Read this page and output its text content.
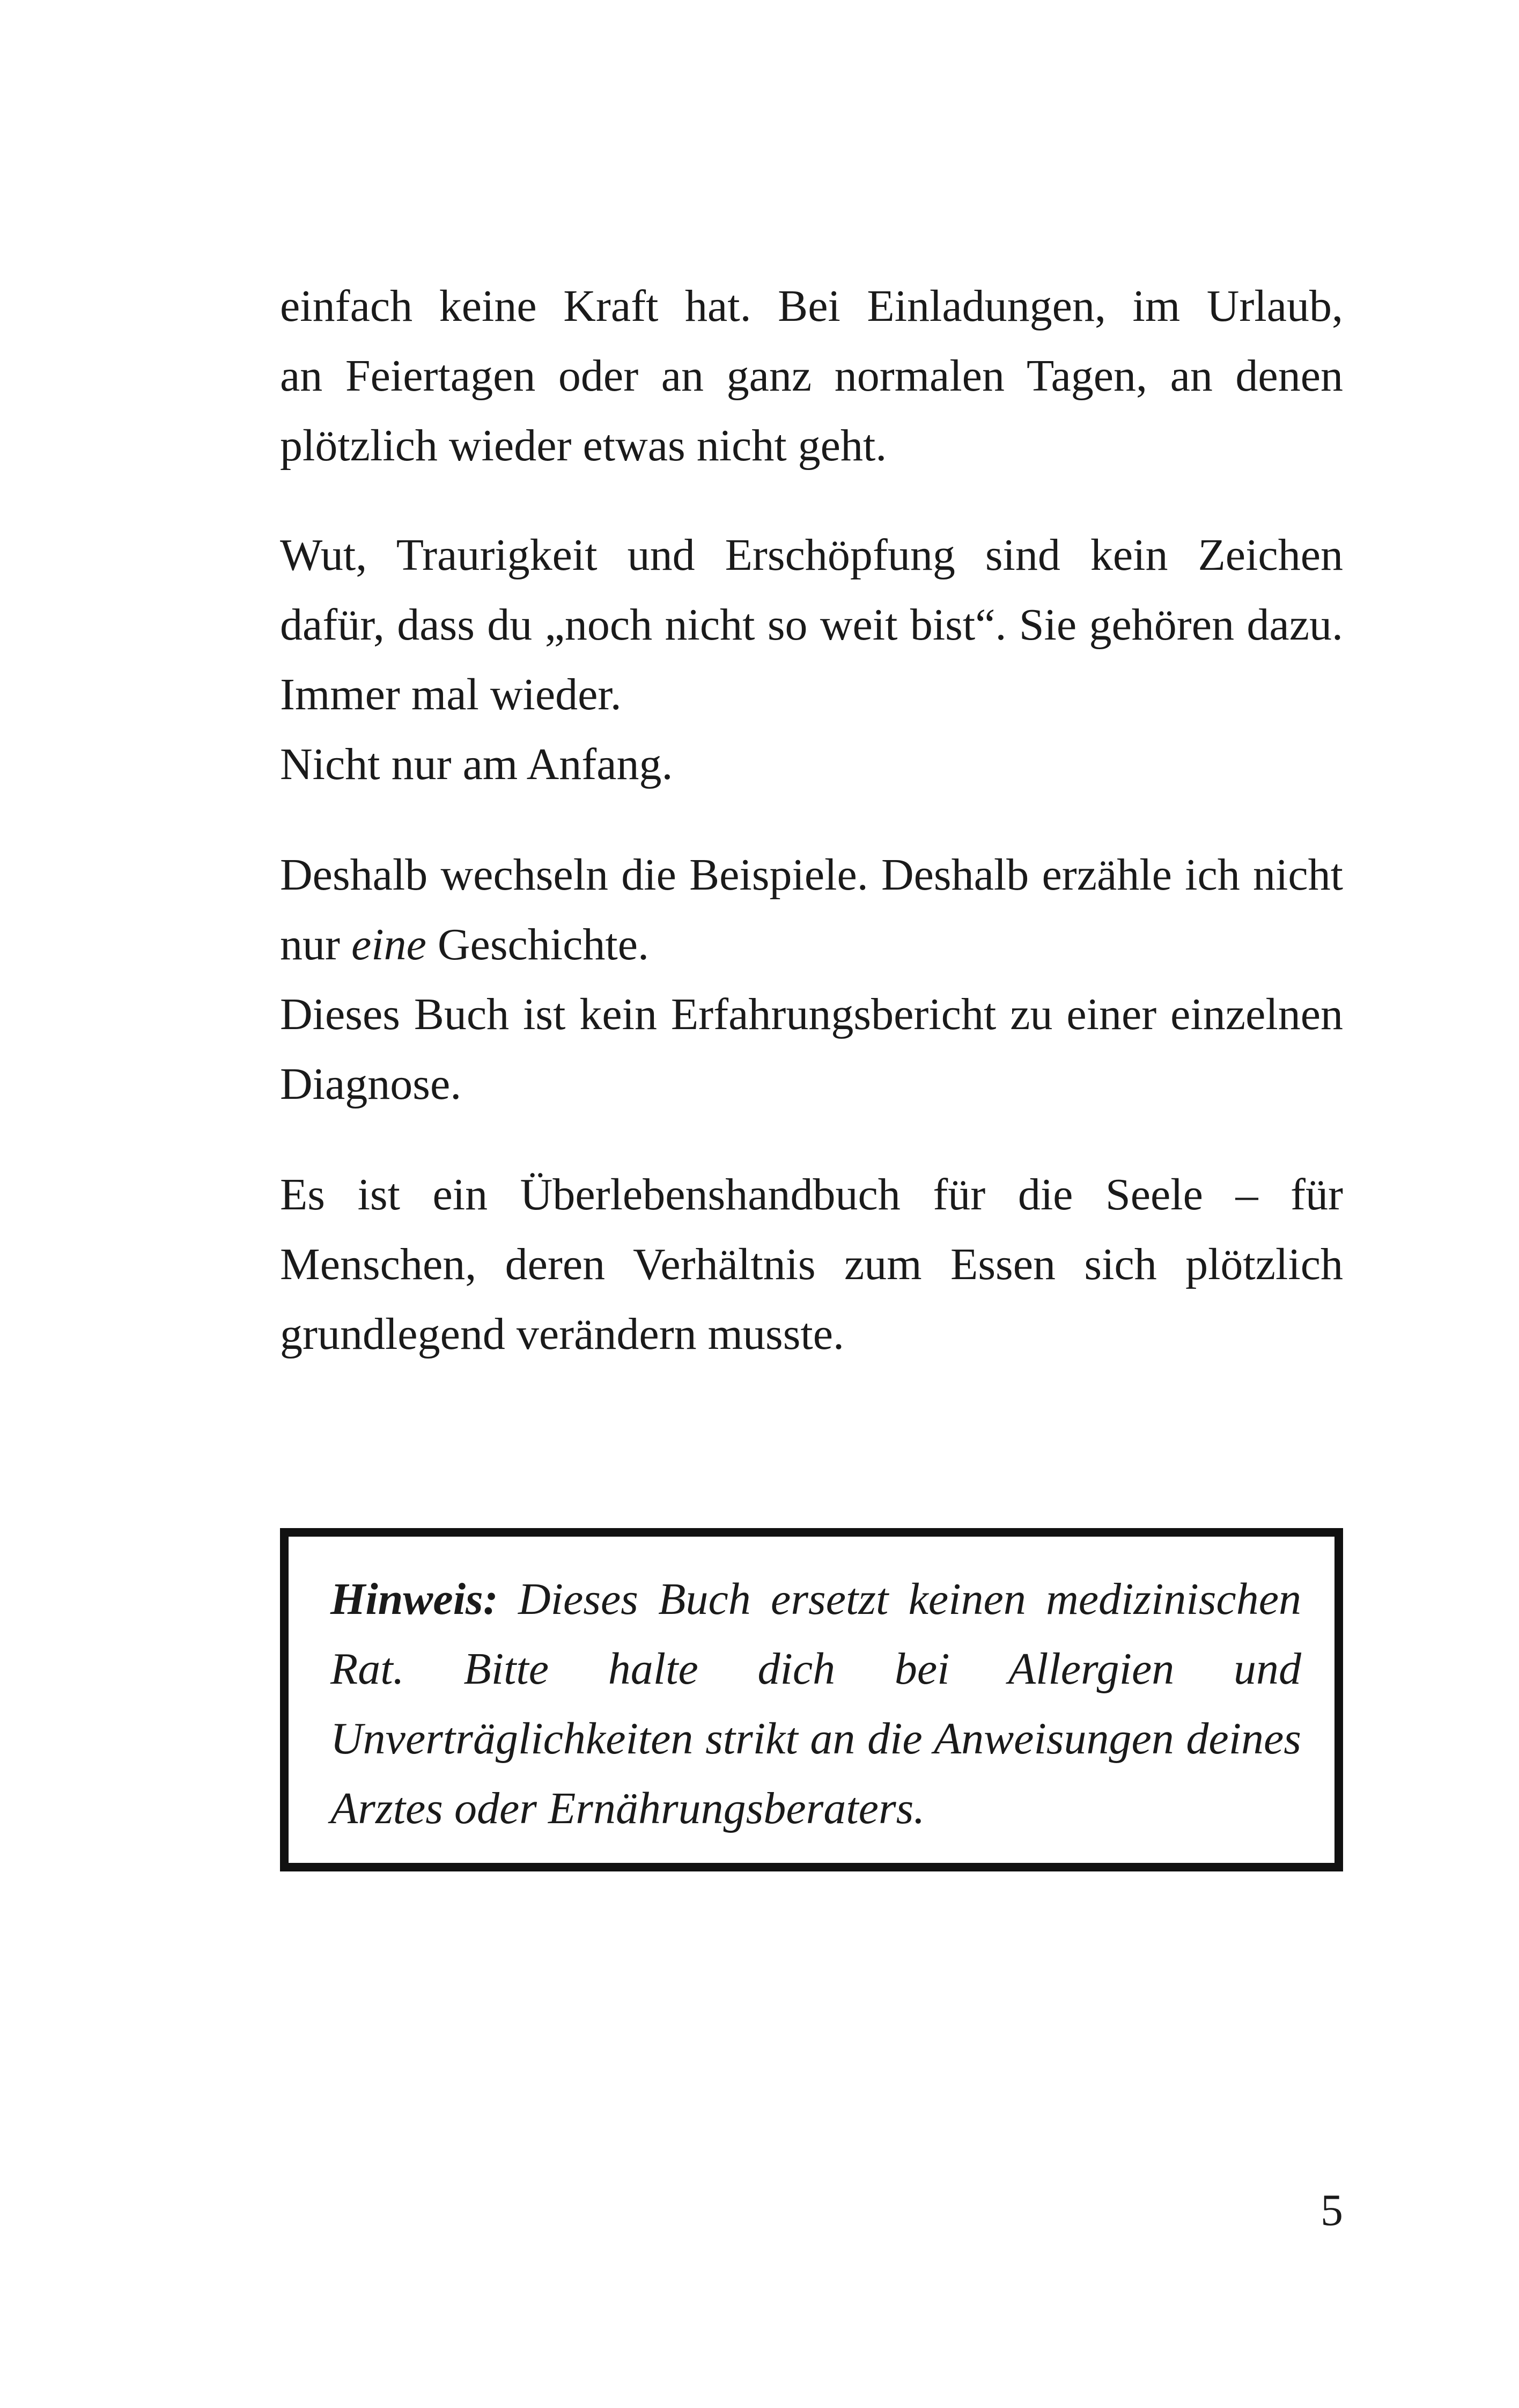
einfach keine Kraft hat. Bei Einladungen, im Urlaub,
an Feiertagen oder an ganz normalen Tagen, an denen
plötzlich wieder etwas nicht geht.

Wut, Traurigkeit und Erschöpfung sind kein Zeichen
dafür, dass du „noch nicht so weit bist“. Sie gehören dazu.
Immer mal wieder.
Nicht nur am Anfang.

Deshalb wechseln die Beispiele. Deshalb erzähle ich nicht
nur eine Geschichte.
Dieses Buch ist kein Erfahrungsbericht zu einer einzelnen
Diagnose.

Es ist ein Überlebenshandbuch für die Seele – für
Menschen, deren Verhältnis zum Essen sich plötzlich
grundlegend verändern musste.

Hinweis: Dieses Buch ersetzt keinen medizinischen
Rat. Bitte halte dich bei Allergien und
Unverträglichkeiten strikt an die Anweisungen deines
Arztes oder Ernährungsberaters.
5
